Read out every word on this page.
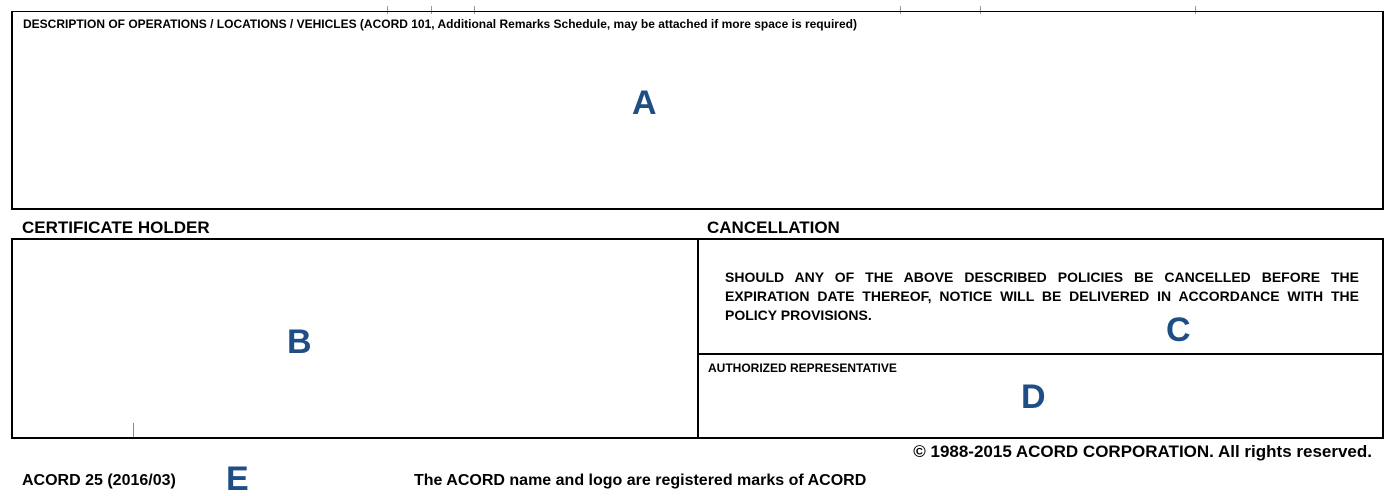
DESCRIPTION OF OPERATIONS / LOCATIONS / VEHICLES (ACORD 101, Additional Remarks Schedule, may be attached if more space is required)
A
CERTIFICATE HOLDER	CANCELLATION
SHOULD ANY OF THE ABOVE DESCRIBED POLICIES BE CANCELLED BEFORE THE EXPIRATION DATE THEREOF, NOTICE WILL BE DELIVERED IN ACCORDANCE WITH THE POLICY PROVISIONS.
AUTHORIZED REPRESENTATIVE
B	C
D
© 1988-2015 ACORD CORPORATION. All rights reserved.
ACORD 25 (2016/03) E	The ACORD name and logo are registered marks of ACORD
